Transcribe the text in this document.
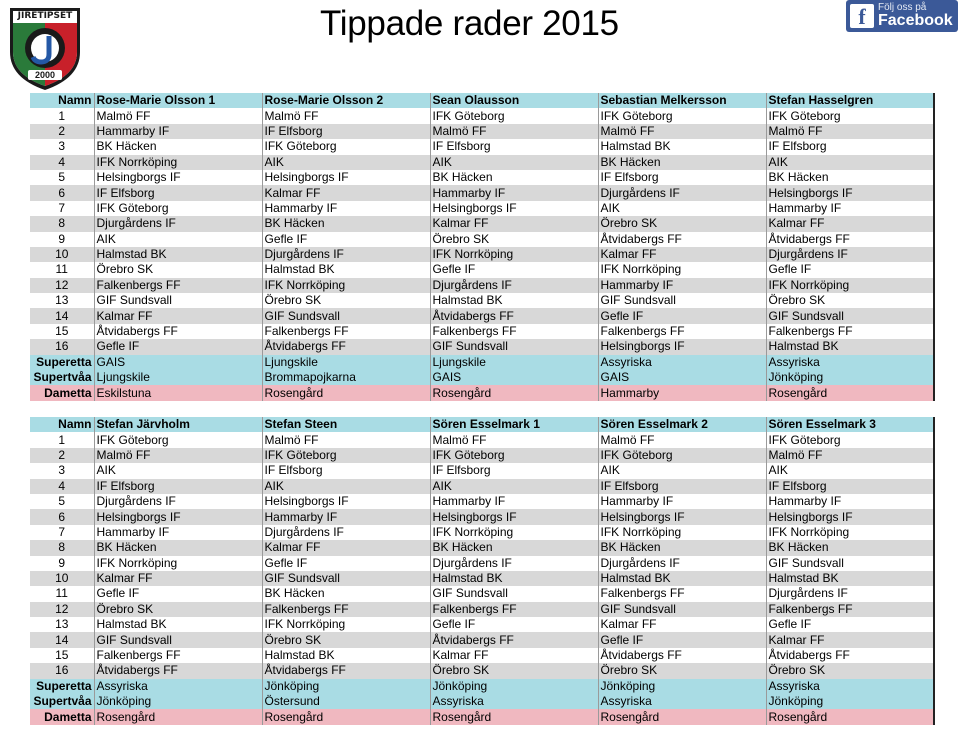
JIRETIPSET
2000
Tippade rader 2015	f	Följ oss på
Facebook
Namn	Rose-Marie Olsson 1	Rose-Marie Olsson 2	Sean Olausson	Sebastian Melkersson	Stefan Hasselgren
1	Malmö FF	Malmö FF	IFK Göteborg	IFK Göteborg	IFK Göteborg
2	Hammarby IF	IF Elfsborg	Malmö FF	Malmö FF	Malmö FF
3	BK Häcken	IFK Göteborg	IF Elfsborg	Halmstad BK	IF Elfsborg
4	IFK Norrköping	AIK	AIK	BK Häcken	AIK
5	Helsingborgs IF	Helsingborgs IF	BK Häcken	IF Elfsborg	BK Häcken
6	IF Elfsborg	Kalmar FF	Hammarby IF	Djurgårdens IF	Helsingborgs IF
7	IFK Göteborg	Hammarby IF	Helsingborgs IF	AIK	Hammarby IF
8	Djurgårdens IF	BK Häcken	Kalmar FF	Örebro SK	Kalmar FF
9	AIK	Gefle IF	Örebro SK	Åtvidabergs FF	Åtvidabergs FF
10	Halmstad BK	Djurgårdens IF	IFK Norrköping	Kalmar FF	Djurgårdens IF
11	Örebro SK	Halmstad BK	Gefle IF	IFK Norrköping	Gefle IF
12	Falkenbergs FF	IFK Norrköping	Djurgårdens IF	Hammarby IF	IFK Norrköping
13	GIF Sundsvall	Örebro SK	Halmstad BK	GIF Sundsvall	Örebro SK
14	Kalmar FF	GIF Sundsvall	Åtvidabergs FF	Gefle IF	GIF Sundsvall
15	Åtvidabergs FF	Falkenbergs FF	Falkenbergs FF	Falkenbergs FF	Falkenbergs FF
16	Gefle IF	Åtvidabergs FF	GIF Sundsvall	Helsingborgs IF	Halmstad BK
Superetta	GAIS	Ljungskile	Ljungskile	Assyriska	Assyriska
Supertvåa	Ljungskile	Brommapojkarna	GAIS	GAIS	Jönköping
Dametta	Eskilstuna	Rosengård	Rosengård	Hammarby	Rosengård
Namn	Stefan Järvholm	Stefan Steen	Sören Esselmark 1	Sören Esselmark 2	Sören Esselmark 3
1	IFK Göteborg	Malmö FF	Malmö FF	Malmö FF	IFK Göteborg
2	Malmö FF	IFK Göteborg	IFK Göteborg	IFK Göteborg	Malmö FF
3	AIK	IF Elfsborg	IF Elfsborg	AIK	AIK
4	IF Elfsborg	AIK	AIK	IF Elfsborg	IF Elfsborg
5	Djurgårdens IF	Helsingborgs IF	Hammarby IF	Hammarby IF	Hammarby IF
6	Helsingborgs IF	Hammarby IF	Helsingborgs IF	Helsingborgs IF	Helsingborgs IF
7	Hammarby IF	Djurgårdens IF	IFK Norrköping	IFK Norrköping	IFK Norrköping
8	BK Häcken	Kalmar FF	BK Häcken	BK Häcken	BK Häcken
9	IFK Norrköping	Gefle IF	Djurgårdens IF	Djurgårdens IF	GIF Sundsvall
10	Kalmar FF	GIF Sundsvall	Halmstad BK	Halmstad BK	Halmstad BK
11	Gefle IF	BK Häcken	GIF Sundsvall	Falkenbergs FF	Djurgårdens IF
12	Örebro SK	Falkenbergs FF	Falkenbergs FF	GIF Sundsvall	Falkenbergs FF
13	Halmstad BK	IFK Norrköping	Gefle IF	Kalmar FF	Gefle IF
14	GIF Sundsvall	Örebro SK	Åtvidabergs FF	Gefle IF	Kalmar FF
15	Falkenbergs FF	Halmstad BK	Kalmar FF	Åtvidabergs FF	Åtvidabergs FF
16	Åtvidabergs FF	Åtvidabergs FF	Örebro SK	Örebro SK	Örebro SK
Superetta	Assyriska	Jönköping	Jönköping	Jönköping	Assyriska
Supertvåa	Jönköping	Östersund	Assyriska	Assyriska	Jönköping
Dametta	Rosengård	Rosengård	Rosengård	Rosengård	Rosengård
